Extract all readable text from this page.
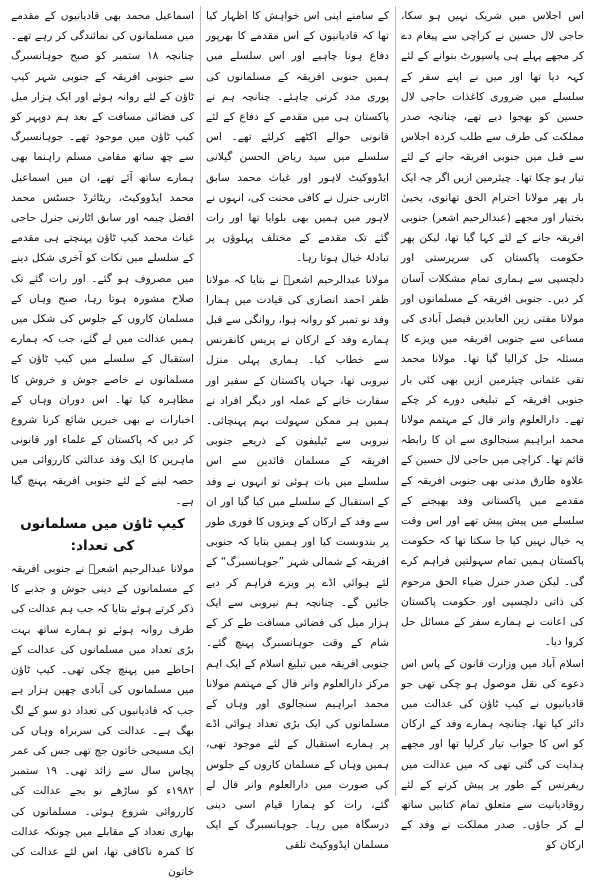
اس اجلاس میں شریک نہیں ہو سکا، حاجی لال حسین نے کراچی سے پیغام دے کر مجھے پہلے ہی پاسپورٹ بنوانے کے لئے کہہ دیا تھا اور میں نے اپنے سفر کے سلسلے میں ضروری کاغذات حاجی لال حسین کو بھجوا دیے تھے، چنانچہ صدر مملکت کی طرف سے طلب کردہ اجلاس سے قبل میں جنوبی افریقہ جانے کے لئے تیار ہو چکا تھا۔ چیئرمین ازیں اگر چہ ایک بار پھر مولانا احترام الحق تھانوی، یحییٰ بختیار اور مجھے (عبدالرحیم اشعر) جنوبی افریقہ جانے کے لئے کہا گیا تھا، لیکن پھر حکومت پاکستان کی سرپرستی اور دلچسپی سے ہماری تمام مشکلات آسان کر دیں۔ جنوبی افریقہ کے مسلمانوں اور مولانا مفتی زین العابدین فیصل آبادی کی مساعی سے جنوبی افریقہ میں ویزے کا مسئلہ حل کرالیا گیا تھا۔ مولانا محمد تقی عثمانی چیئرمین ازیں بھی کئی بار جنوبی افریقہ کے تبلیغی دورے کر چکے تھے۔ دارالعلوم وانر فال کے مہتمم مولانا محمد ابراہیم سنجالوی سے ان کا رابطہ قائم تھا۔ کراچی میں حاجی لال حسین کے علاوہ طارق مدنی بھی جنوبی افریقہ کے مقدمے میں پاکستانی وفد بھیجنے کے سلسلے میں پیش پیش تھے اور اس وقت یہ خیال نہیں کیا جا سکتا تھا کہ حکومت پاکستان ہمیں تمام سہولتیں فراہم کرے گی۔ لیکن صدر جنرل ضیاء الحق مرحوم کی ذاتی دلچسپی اور حکومت پاکستان کی اعانت نے ہمارے سفر کے مسائل حل کروا دیا۔

اسلام آباد میں وزارت قانون کے پاس اس دعوے کی نقل موصول ہو چکی تھی جو قادیانیوں نے کیپ ٹاؤن کی عدالت میں دائر کیا تھا، چنانچہ ہمارے وفد کے ارکان کو اس کا جواب تیار کرلیا تھا اور مجھے ہدایت کی گئی تھی کہ میں عدالت میں ریفرنس کے طور پر پیش کرنے کے لئے روقادیانیت سے متعلق تمام کتابیں ساتھ لے کر جاؤں۔ صدر مملکت نے وفد کے ارکان کو

کے سامنے اپنی اس خواہش کا اظہار کیا تھا کہ قادیانیوں کے اس مقدمے کا بھرپور دفاع ہونا چاہیے اور اس سلسلے میں ہمیں جنوبی افریقہ کے مسلمانوں کی پوری مدد کرنی چاہئے۔ چنانچہ ہم نے پاکستان ہی میں مقدمے کے دفاع کے لئے قانونی حوالے اکٹھے کرلئے تھے۔ اس سلسلے میں سید ریاض الحسن گیلانی ایڈووکیٹ لاہور اور غیاث محمد سابق اٹارنی جنرل نے کافی محنت کی، انہوں نے لاہور میں ہمیں بھی بلوایا تھا اور رات گئے تک مقدمے کے مختلف پہلوؤں پر تبادلۂ خیال ہوتا رہا۔

مولانا عبدالرحیم اشعرؔ نے بتایا کہ مولانا ظفر احمد انصاری کی قیادت میں ہمارا وفد نو تمبر کو روانہ ہوا، روانگی سے قبل ہمارے وفد کے ارکان نے پریس کانفرنس سے خطاب کیا۔ ہماری پہلی منزل نیروبی تھا، جہاں پاکستان کے سفیر اور سفارت خانے کے عملہ اور دیگر افراد نے ہمیں ہر ممکن سہولت بہم پہنچائی۔ نیروبی سے ٹیلیفون کے ذریعے جنوبی افریقہ کے مسلمان قائدین سے اس سلسلے میں بات ہوئی تو انہوں نے وفد کے استقبال کے سلسلے میں کیا گیا اور ان سے وفد کے ارکان کے ویزوں کا فوری طور پر بندوبست کیا اور ہمیں بتایا کہ جنوبی افریقہ کے شمالی شہر ”جوہانسبرگ“ کے لئے ہوائی اڈے پر ویزے فراہم کر دیے جائیں گے۔ چنانچہ ہم نیروبی سے ایک ہزار میل کی فضائی مسافت طے کر کے شام کے وقت جوہانسبرگ پہنچ گئے۔ جنوبی افریقہ میں تبلیغ اسلام کے ایک اہم مرکز دارالعلوم وانر فال کے مہتمم مولانا محمد ابراہیم سنجالوی اور وہاں کے مسلمانوں کی ایک بڑی تعداد ہوائی اڈے پر ہمارے استقبال کے لئے موجود تھی، ہمیں وہاں کے مسلمان کاروں کے جلوس کی صورت میں دارالعلوم وانر فال لے گئے، رات کو ہمارا قیام اسی دینی درسگاہ میں رہا۔ جوہانسبرگ کے ایک مسلمان ایڈووکیٹ تلقی

اسماعیل محمد بھی قادیانیوں کے مقدمے میں مسلمانوں کی نمائندگی کر رہے تھے۔ چنانچہ ۱۸ ستمبر کو صبح جوہانسبرگ سے جنوبی افریقہ کے جنوبی شہر کیپ ٹاؤن کے لئے روانہ ہوئے اور ایک ہزار میل کی فضائی مسافت کے بعد ہم دوپہر کو کیپ ٹاؤن میں موجود تھے۔ جوہانسبرگ سے چھ ساتھ مقامی مسلم راہنما بھی ہمارے ساتھ آئے تھے، ان میں اسماعیل محمد ایڈووکیٹ، ریٹائرڈ جسٹس محمد افضل چیمہ اور سابق اٹارنی جنرل حاجی غیاث محمد کیپ ٹاؤن پہنچتے ہی مقدمے کے سلسلے میں نکات کو آخری شکل دینے میں مصروف ہو گئے۔ اور رات گئے تک صلاح مشورہ ہوتا رہا، صبح وہاں کے مسلمان کاروں کے جلوس کی شکل میں ہمیں عدالت میں لے گئے، جب کہ ہمارے استقبال کے سلسلے میں کیپ ٹاؤن کے مسلمانوں نے خاصے جوش و خروش کا مظاہرہ کیا تھا۔ اس دوران وہاں کے اخبارات نے بھی خبریں شائع کرنا شروع کر دیں کہ پاکستان کے علماء اور قانونی ماہرین کا ایک وفد عدالتی کارروائی میں حصہ لینے کے لئے جنوبی افریقہ پہنچ گیا ہے۔

کیپ ٹاؤن میں مسلمانوں کی تعداد:

مولانا عبدالرحیم اشعرؔ نے جنوبی افریقہ کے مسلمانوں کے دینی جوش و جذبے کا ذکر کرتے ہوئے بتایا کہ جب ہم عدالت کی طرف روانہ ہوئے تو ہمارے ساتھ بہت بڑی تعداد میں مسلمانوں کی عدالت کے احاطے میں پہنچ چکی تھی۔ کیپ ٹاؤن میں مسلمانوں کی آبادی چھپن ہزار ہے جب کہ قادیانیوں کی تعداد دو سو کے لگ بھگ ہے۔ عدالت کی سربراہ وہاں کی ایک مسیحی خاتون جج تھی جس کی عمر پچاس سال سے زائد تھی۔ ۱۹ ستمبر ۱۹۸۲ء کو ساڑھے نو بجے عدالت کی کارروائی شروع ہوئی۔ مسلمانوں کی بھاری تعداد کے مقابلے میں چونکہ عدالت کا کمرہ ناکافی تھا، اس لئے عدالت کی خاتون
